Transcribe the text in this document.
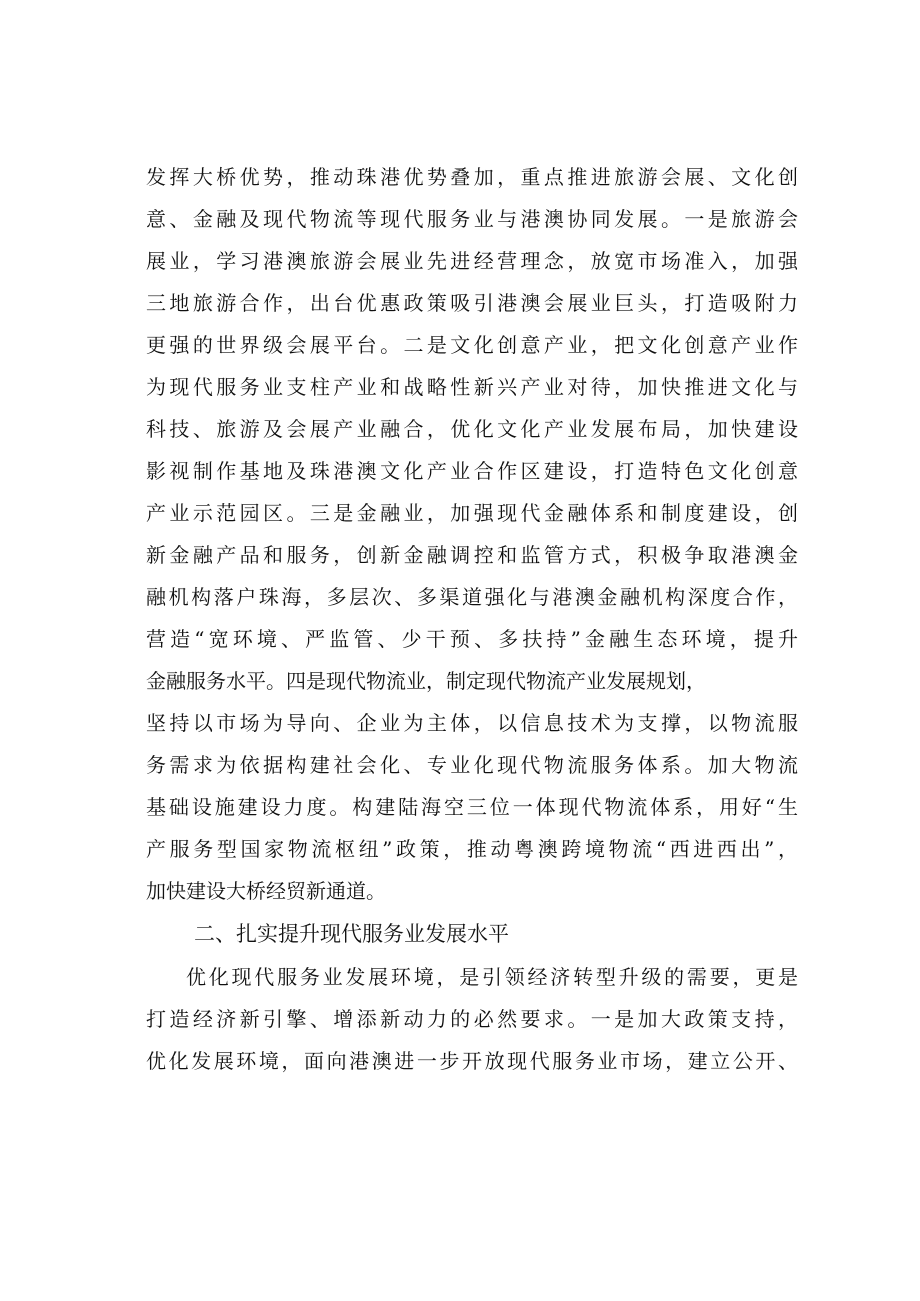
发挥大桥优势，推动珠港优势叠加，重点推进旅游会展、文化创
意、金融及现代物流等现代服务业与港澳协同发展。一是旅游会
展业，学习港澳旅游会展业先进经营理念，放宽市场准入，加强
三地旅游合作，出台优惠政策吸引港澳会展业巨头，打造吸附力
更强的世界级会展平台。二是文化创意产业，把文化创意产业作
为现代服务业支柱产业和战略性新兴产业对待，加快推进文化与
科技、旅游及会展产业融合，优化文化产业发展布局，加快建设
影视制作基地及珠港澳文化产业合作区建设，打造特色文化创意
产业示范园区。三是金融业，加强现代金融体系和制度建设，创
新金融产品和服务，创新金融调控和监管方式，积极争取港澳金
融机构落户珠海，多层次、多渠道强化与港澳金融机构深度合作，
营造“宽环境、严监管、少干预、多扶持”金融生态环境，提升
金融服务水平。四是现代物流业，制定现代物流产业发展规划，
坚持以市场为导向、企业为主体，以信息技术为支撑，以物流服
务需求为依据构建社会化、专业化现代物流服务体系。加大物流
基础设施建设力度。构建陆海空三位一体现代物流体系，用好“生
产服务型国家物流枢纽”政策，推动粤澳跨境物流“西进西出”，
加快建设大桥经贸新通道。
二、扎实提升现代服务业发展水平
优化现代服务业发展环境，是引领经济转型升级的需要，更是
打造经济新引擎、增添新动力的必然要求。一是加大政策支持，
优化发展环境，面向港澳进一步开放现代服务业市场，建立公开、
